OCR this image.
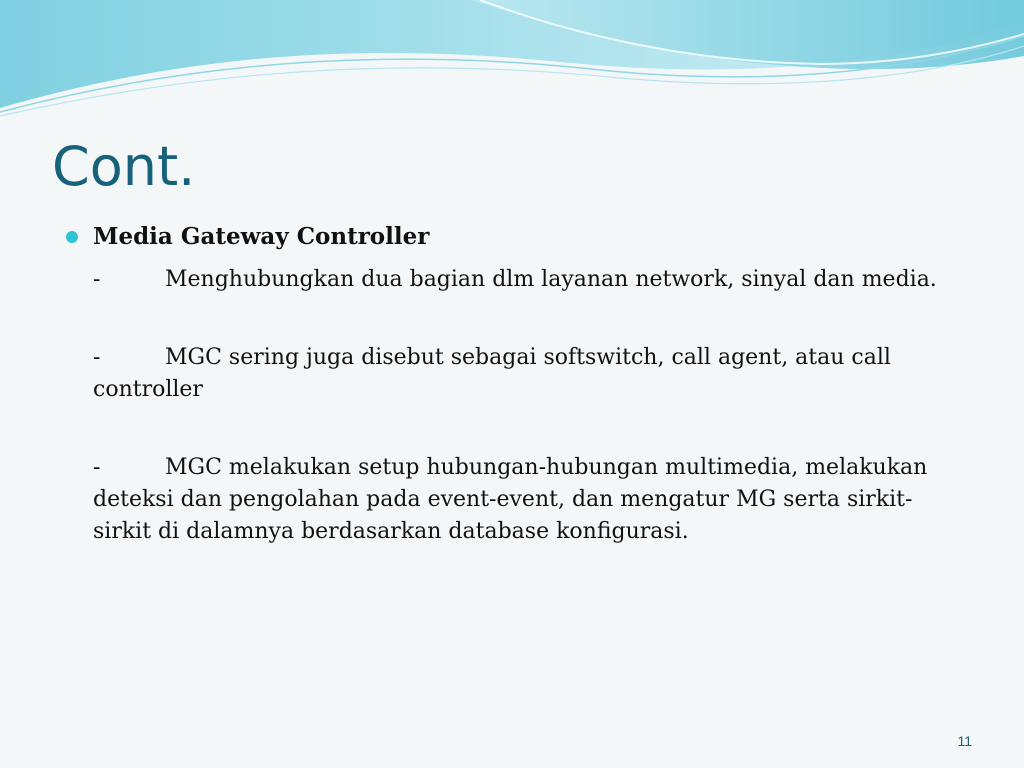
Cont.
Media Gateway Controller
-	Menghubungkan dua bagian dlm layanan network, sinyal dan media.
-	MGC sering juga disebut sebagai softswitch, call agent, atau call controller
-	MGC melakukan setup hubungan-hubungan multimedia, melakukan deteksi dan pengolahan pada event-event, dan mengatur MG serta sirkit-sirkit di dalamnya berdasarkan database konfigurasi.
11
